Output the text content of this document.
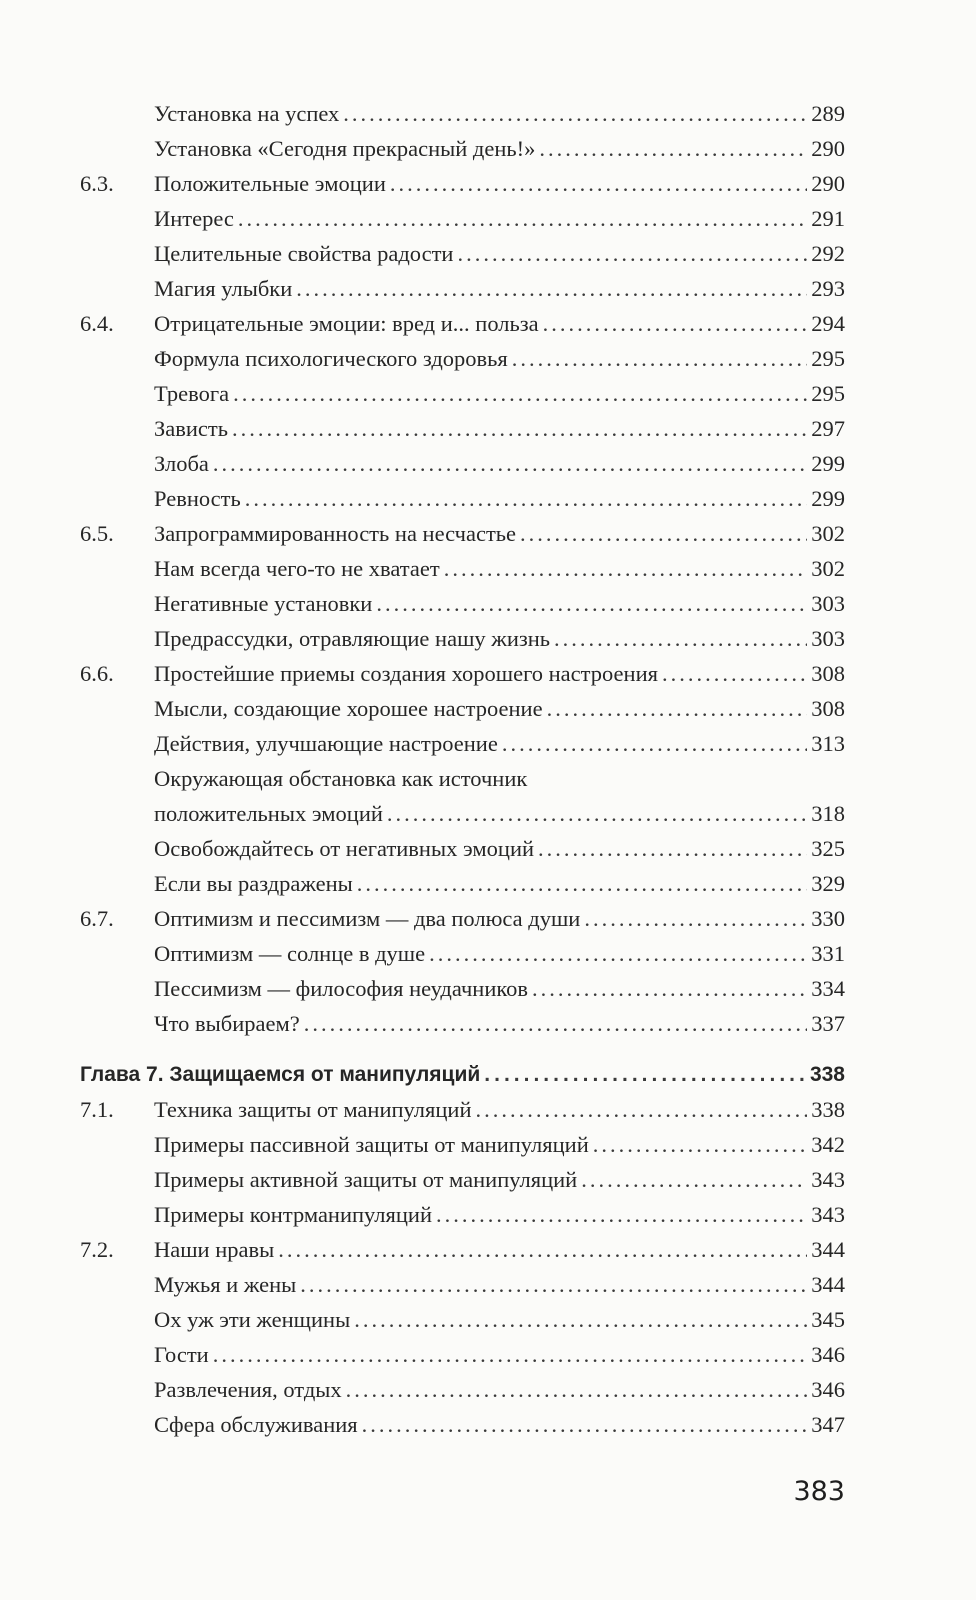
Установка на успех .....	289
Установка «Сегодня прекрасный день!» .....	290
6.3.	Положительные эмоции .....	290
Интерес .....	291
Целительные свойства радости .....	292
Магия улыбки .....	293
6.4.	Отрицательные эмоции: вред и... польза .....	294
Формула психологического здоровья .....	295
Тревога .....	295
Зависть .....	297
Злоба .....	299
Ревность .....	299
6.5.	Запрограммированность на несчастье .....	302
Нам всегда чего-то не хватает .....	302
Негативные установки .....	303
Предрассудки, отравляющие нашу жизнь .....	303
6.6.	Простейшие приемы создания хорошего настроения .....	308
Мысли, создающие хорошее настроение .....	308
Действия, улучшающие настроение .....	313
Окружающая обстановка как источник
положительных эмоций .....	318
Освобождайтесь от негативных эмоций .....	325
Если вы раздражены .....	329
6.7.	Оптимизм и пессимизм — два полюса души .....	330
Оптимизм — солнце в душе .....	331
Пессимизм — философия неудачников .....	334
Что выбираем? .....	337
Глава 7. Защищаемся от манипуляций .....	338
7.1.	Техника защиты от манипуляций .....	338
Примеры пассивной защиты от манипуляций .....	342
Примеры активной защиты от манипуляций .....	343
Примеры контрманипуляций .....	343
7.2.	Наши нравы .....	344
Мужья и жены .....	344
Ох уж эти женщины .....	345
Гости .....	346
Развлечения, отдых .....	346
Сфера обслуживания .....	347
383
